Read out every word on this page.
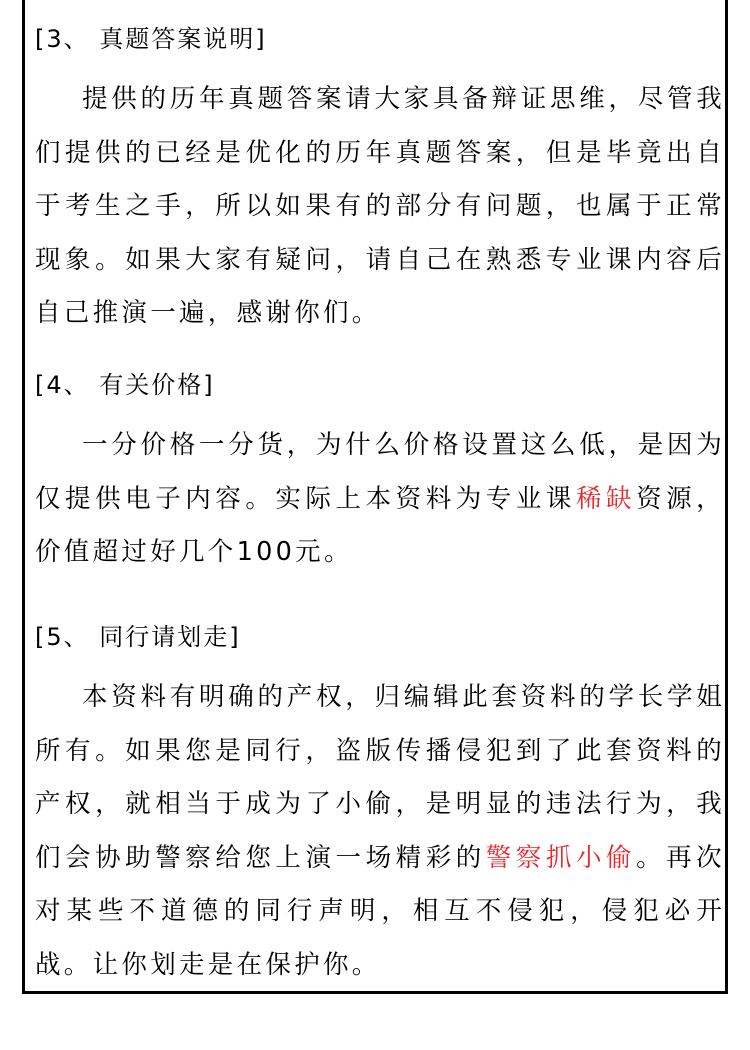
[3、 真题答案说明]
提供的历年真题答案请大家具备辩证思维，尽管我们提供的已经是优化的历年真题答案，但是毕竟出自于考生之手，所以如果有的部分有问题，也属于正常现象。如果大家有疑问，请自己在熟悉专业课内容后自己推演一遍，感谢你们。
[4、 有关价格]
一分价格一分货，为什么价格设置这么低，是因为仅提供电子内容。实际上本资料为专业课稀缺资源，价值超过好几个100元。
[5、 同行请划走]
本资料有明确的产权，归编辑此套资料的学长学姐所有。如果您是同行，盗版传播侵犯到了此套资料的产权，就相当于成为了小偷，是明显的违法行为，我们会协助警察给您上演一场精彩的警察抓小偷。再次对某些不道德的同行声明，相互不侵犯，侵犯必开战。让你划走是在保护你。
